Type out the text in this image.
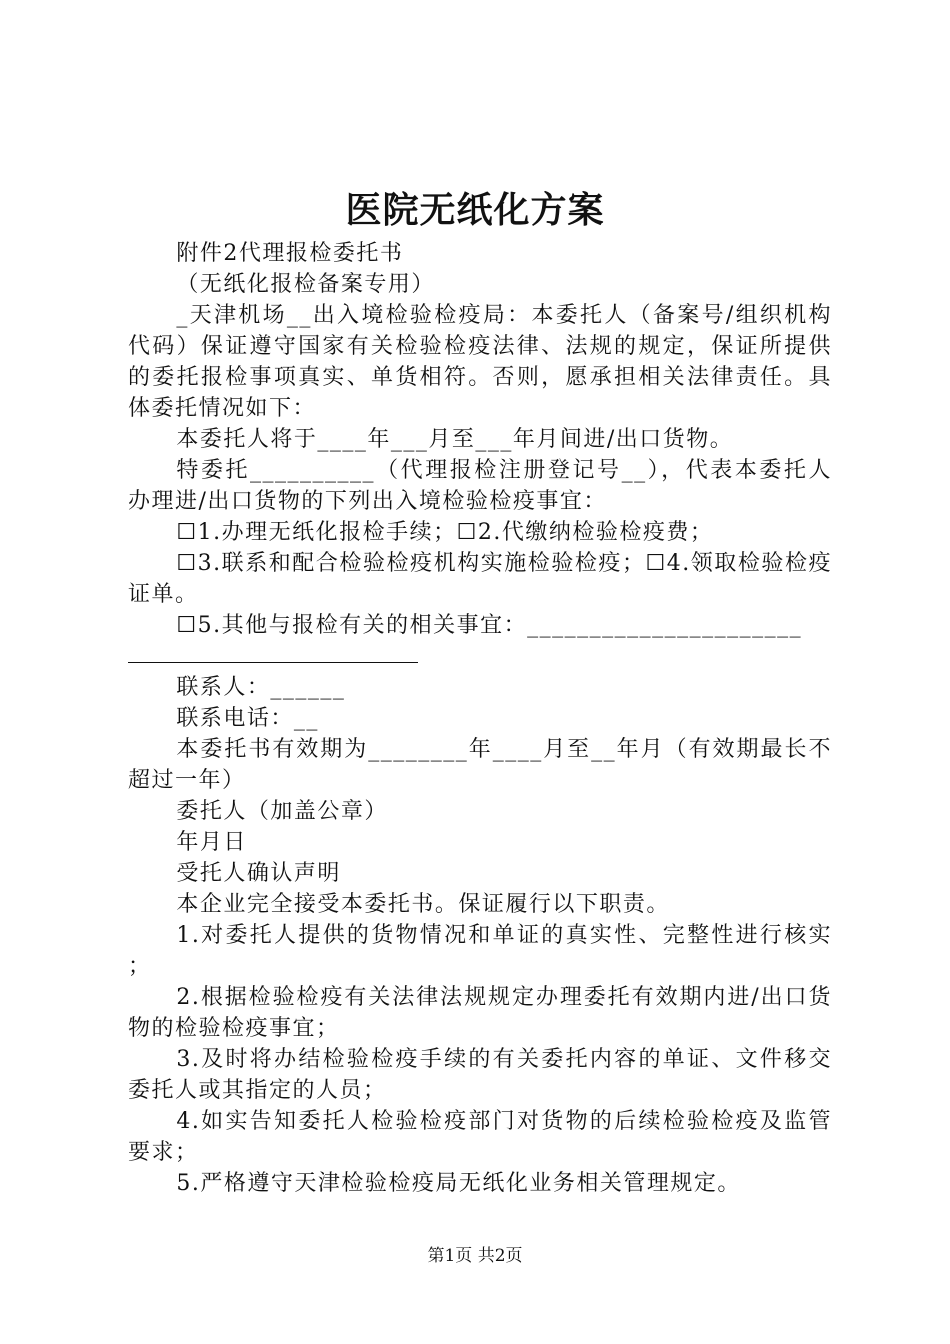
医院无纸化方案

附件2代理报检委托书

（无纸化报检备案专用）

_天津机场__出入境检验检疫局：本委托人（备案号/组织机构代码）保证遵守国家有关检验检疫法律、法规的规定，保证所提供的委托报检事项真实、单货相符。否则，愿承担相关法律责任。具体委托情况如下：

本委托人将于____年___月至___年月间进/出口货物。

特委托__________（代理报检注册登记号__），代表本委托人办理进/出口货物的下列出入境检验检疫事宜：

☐1.办理无纸化报检手续；☐2.代缴纳检验检疫费；

☐3.联系和配合检验检疫机构实施检验检疫；☐4.领取检验检疫证单。

☐5.其他与报检有关的相关事宜：______________________

联系人：______

联系电话：__

本委托书有效期为________年____月至__年月（有效期最长不超过一年）

委托人（加盖公章）

年月日

受托人确认声明

本企业完全接受本委托书。保证履行以下职责。

1.对委托人提供的货物情况和单证的真实性、完整性进行核实；

2.根据检验检疫有关法律法规规定办理委托有效期内进/出口货物的检验检疫事宜；

3.及时将办结检验检疫手续的有关委托内容的单证、文件移交委托人或其指定的人员；

4.如实告知委托人检验检疫部门对货物的后续检验检疫及监管要求；

5.严格遵守天津检验检疫局无纸化业务相关管理规定。

第1页 共2页
